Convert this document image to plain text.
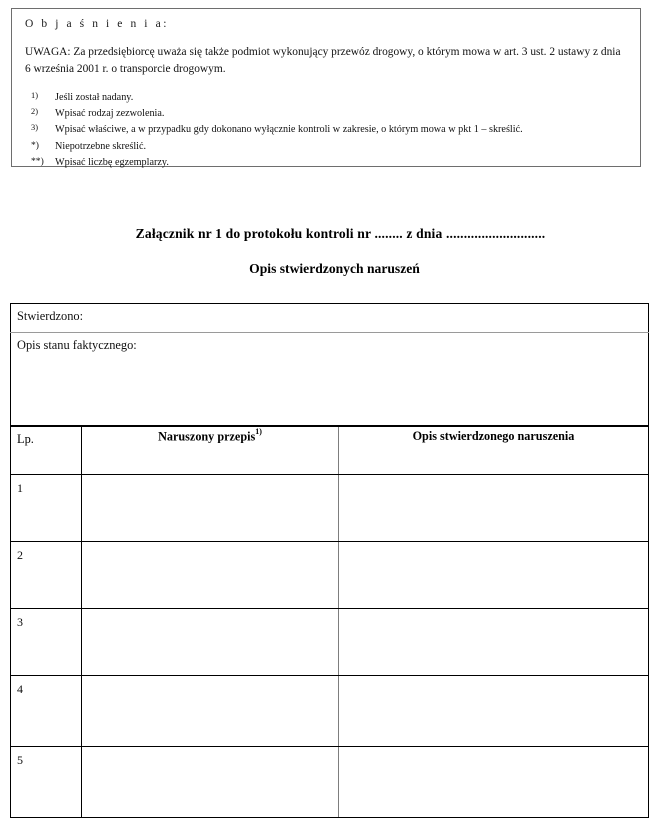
O b j a ś n i e n i a:
UWAGA: Za przedsiębiorcę uważa się także podmiot wykonujący przewóz drogowy, o którym mowa w art. 3 ust. 2 ustawy z dnia 6 września 2001 r. o transporcie drogowym.
1)	Jeśli został nadany.
2)	Wpisać rodzaj zezwolenia.
3)	Wpisać właściwe, a w przypadku gdy dokonano wyłącznie kontroli w zakresie, o którym mowa w pkt 1 – skreślić.
*)	Niepotrzebne skreślić.
**)	Wpisać liczbę egzemplarzy.
Załącznik nr 1 do protokołu kontroli nr ........ z dnia ............................
Opis stwierdzonych naruszeń
Stwierdzono:		

Opis stanu faktycznego:		

Lp.	Naruszony przepis$^{1)}$	Opis stwierdzonego naruszenia

1		

2		

3		

4		

5		
